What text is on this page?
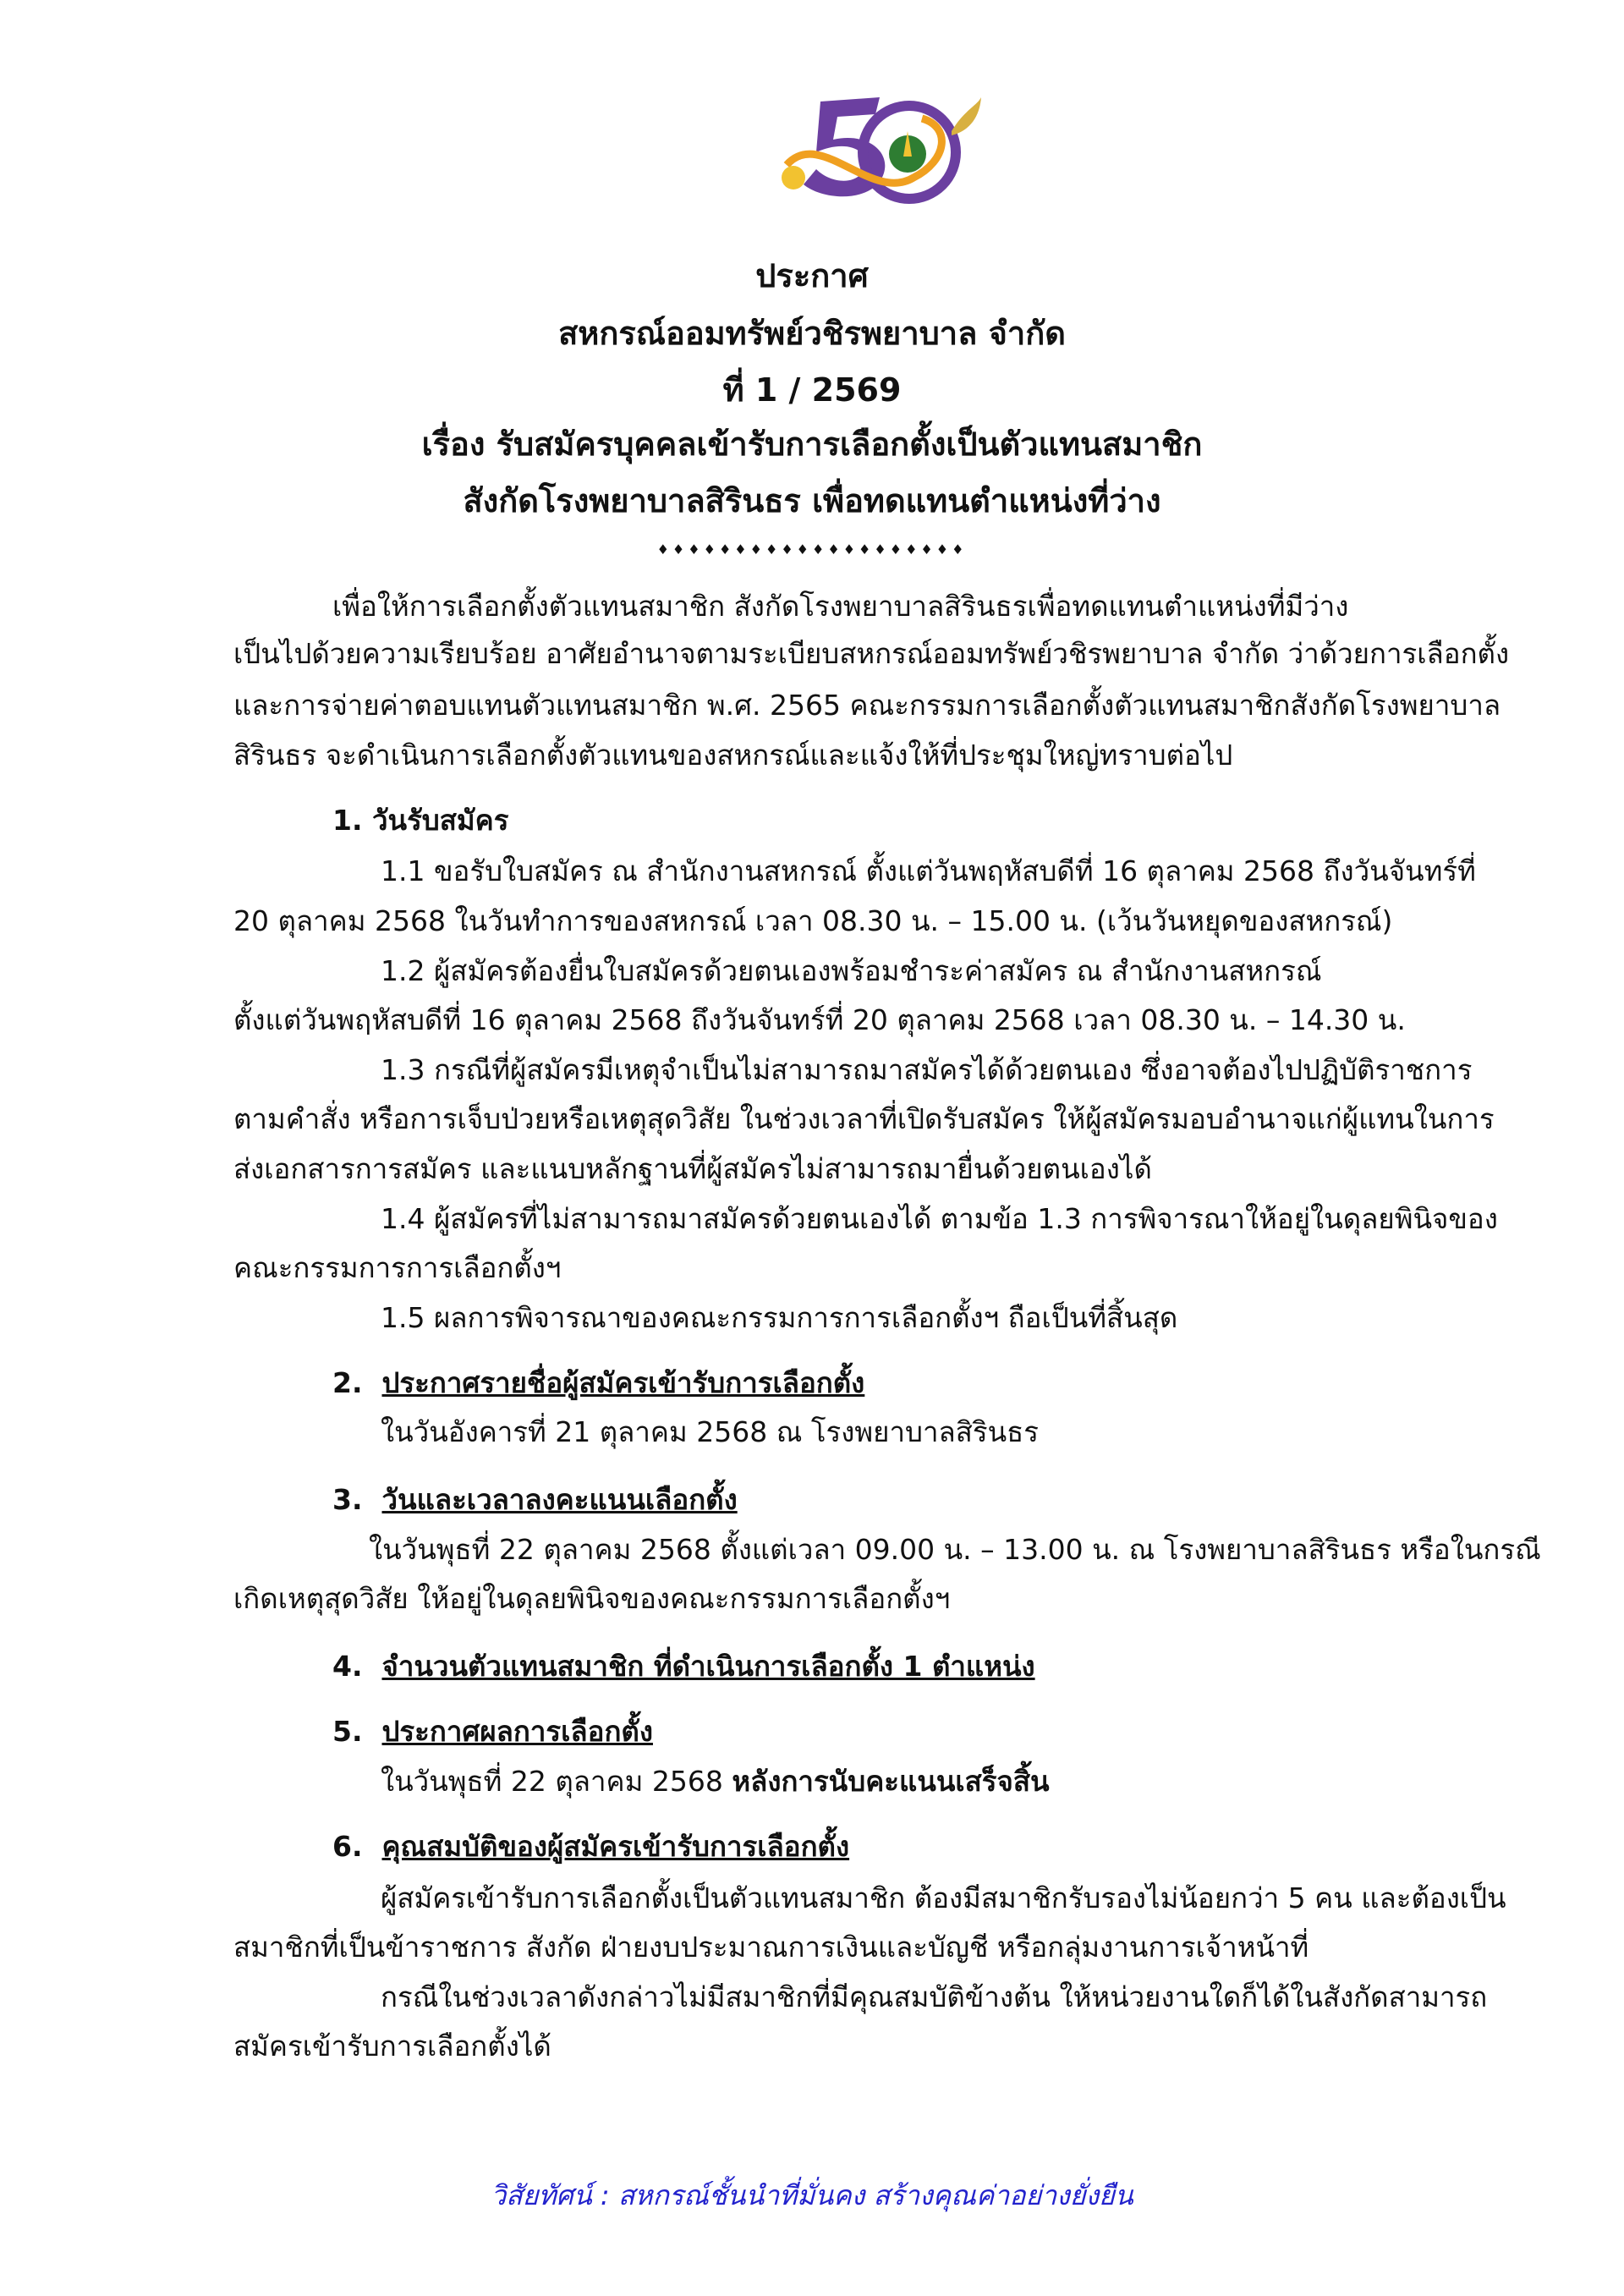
ประกาศ
สหกรณ์ออมทรัพย์วชิรพยาบาล จำกัด
ที่ 1 / 2569
เรื่อง รับสมัครบุคคลเข้ารับการเลือกตั้งเป็นตัวแทนสมาชิก
สังกัดโรงพยาบาลสิรินธร เพื่อทดแทนตำแหน่งที่ว่าง
♦♦♦♦♦♦♦♦♦♦♦♦♦♦♦♦♦♦♦♦
เพื่อให้การเลือกตั้งตัวแทนสมาชิก สังกัดโรงพยาบาลสิรินธรเพื่อทดแทนตำแหน่งที่มีว่าง
เป็นไปด้วยความเรียบร้อย อาศัยอำนาจตามระเบียบสหกรณ์ออมทรัพย์วชิรพยาบาล จำกัด ว่าด้วยการเลือกตั้ง
และการจ่ายค่าตอบแทนตัวแทนสมาชิก พ.ศ. 2565 คณะกรรมการเลือกตั้งตัวแทนสมาชิกสังกัดโรงพยาบาล
สิรินธร จะดำเนินการเลือกตั้งตัวแทนของสหกรณ์และแจ้งให้ที่ประชุมใหญ่ทราบต่อไป
1. วันรับสมัคร
1.1 ขอรับใบสมัคร ณ สำนักงานสหกรณ์ ตั้งแต่วันพฤหัสบดีที่ 16 ตุลาคม 2568 ถึงวันจันทร์ที่
20 ตุลาคม 2568 ในวันทำการของสหกรณ์ เวลา 08.30 น. – 15.00 น. (เว้นวันหยุดของสหกรณ์)
1.2 ผู้สมัครต้องยื่นใบสมัครด้วยตนเองพร้อมชำระค่าสมัคร ณ สำนักงานสหกรณ์
ตั้งแต่วันพฤหัสบดีที่ 16 ตุลาคม 2568 ถึงวันจันทร์ที่ 20 ตุลาคม 2568 เวลา 08.30 น. – 14.30 น.
1.3 กรณีที่ผู้สมัครมีเหตุจำเป็นไม่สามารถมาสมัครได้ด้วยตนเอง ซึ่งอาจต้องไปปฏิบัติราชการ
ตามคำสั่ง หรือการเจ็บป่วยหรือเหตุสุดวิสัย ในช่วงเวลาที่เปิดรับสมัคร ให้ผู้สมัครมอบอำนาจแก่ผู้แทนในการ
ส่งเอกสารการสมัคร และแนบหลักฐานที่ผู้สมัครไม่สามารถมายื่นด้วยตนเองได้
1.4 ผู้สมัครที่ไม่สามารถมาสมัครด้วยตนเองได้ ตามข้อ 1.3 การพิจารณาให้อยู่ในดุลยพินิจของ
คณะกรรมการการเลือกตั้งฯ
1.5 ผลการพิจารณาของคณะกรรมการการเลือกตั้งฯ ถือเป็นที่สิ้นสุด
2. ประกาศรายชื่อผู้สมัครเข้ารับการเลือกตั้ง
ในวันอังคารที่ 21 ตุลาคม 2568 ณ โรงพยาบาลสิรินธร
3. วันและเวลาลงคะแนนเลือกตั้ง
ในวันพุธที่ 22 ตุลาคม 2568 ตั้งแต่เวลา 09.00 น. – 13.00 น. ณ โรงพยาบาลสิรินธร หรือในกรณี
เกิดเหตุสุดวิสัย ให้อยู่ในดุลยพินิจของคณะกรรมการเลือกตั้งฯ
4. จำนวนตัวแทนสมาชิก ที่ดำเนินการเลือกตั้ง 1 ตำแหน่ง
5. ประกาศผลการเลือกตั้ง
ในวันพุธที่ 22 ตุลาคม 2568 หลังการนับคะแนนเสร็จสิ้น
6. คุณสมบัติของผู้สมัครเข้ารับการเลือกตั้ง
ผู้สมัครเข้ารับการเลือกตั้งเป็นตัวแทนสมาชิก ต้องมีสมาชิกรับรองไม่น้อยกว่า 5 คน และต้องเป็น
สมาชิกที่เป็นข้าราชการ สังกัด ฝ่ายงบประมาณการเงินและบัญชี หรือกลุ่มงานการเจ้าหน้าที่
กรณีในช่วงเวลาดังกล่าวไม่มีสมาชิกที่มีคุณสมบัติข้างต้น ให้หน่วยงานใดก็ได้ในสังกัดสามารถ
สมัครเข้ารับการเลือกตั้งได้
วิสัยทัศน์ : สหกรณ์ชั้นนำที่มั่นคง สร้างคุณค่าอย่างยั่งยืน
